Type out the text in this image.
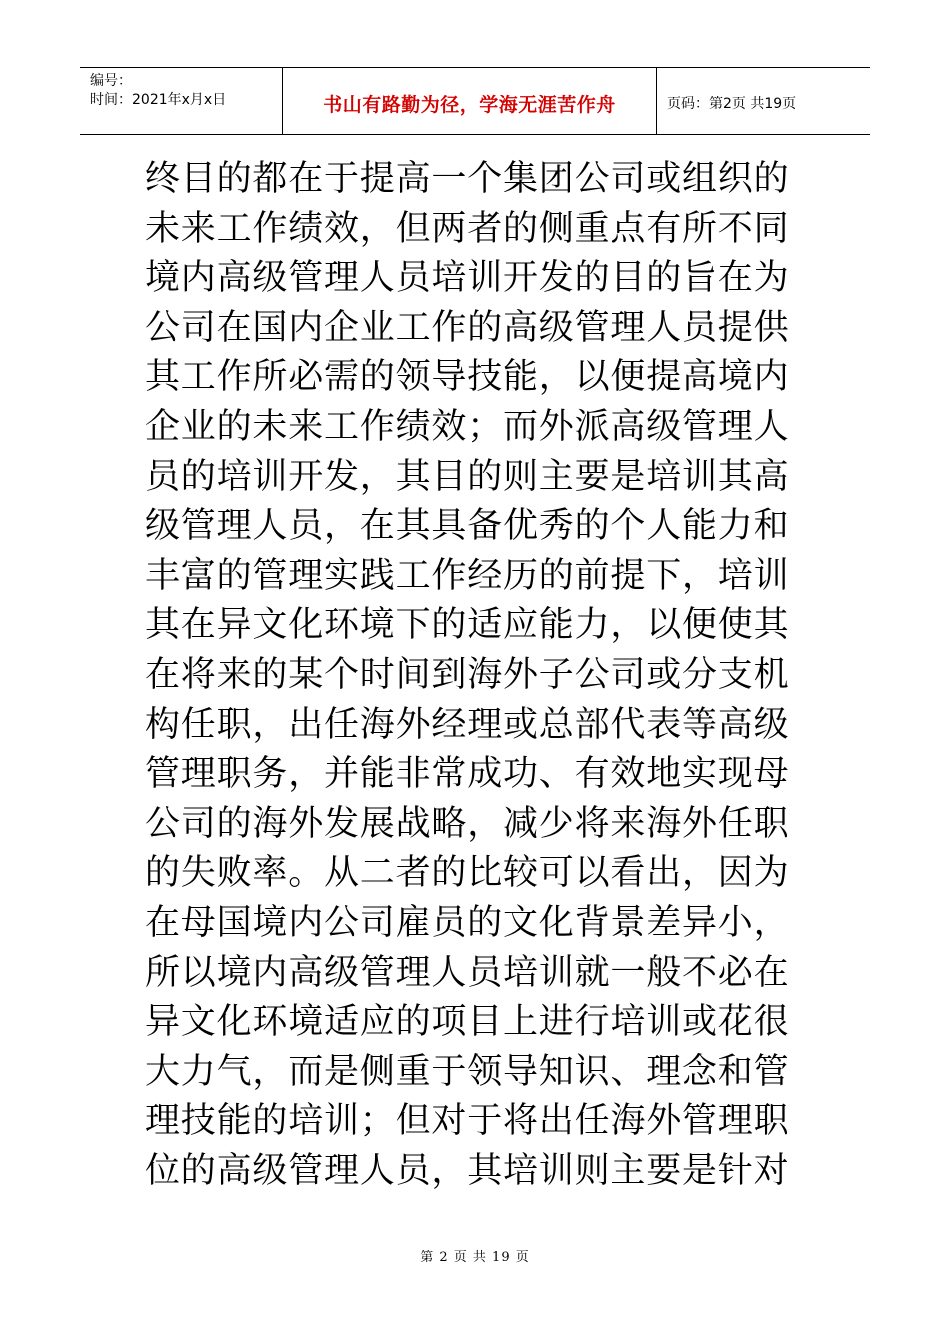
编号：
时间：2021年x月x日	书山有路勤为径，学海无涯苦作舟	页码：第2页 共19页
终目的都在于提高一个集团公司或组织的
未来工作绩效，但两者的侧重点有所不同
境内高级管理人员培训开发的目的旨在为
公司在国内企业工作的高级管理人员提供
其工作所必需的领导技能，以便提高境内
企业的未来工作绩效；而外派高级管理人
员的培训开发，其目的则主要是培训其高
级管理人员，在其具备优秀的个人能力和
丰富的管理实践工作经历的前提下，培训
其在异文化环境下的适应能力，以便使其
在将来的某个时间到海外子公司或分支机
构任职，出任海外经理或总部代表等高级
管理职务，并能非常成功、有效地实现母
公司的海外发展战略，减少将来海外任职
的失败率。从二者的比较可以看出，因为
在母国境内公司雇员的文化背景差异小，
所以境内高级管理人员培训就一般不必在
异文化环境适应的项目上进行培训或花很
大力气，而是侧重于领导知识、理念和管
理技能的培训；但对于将出任海外管理职
位的高级管理人员，其培训则主要是针对
第 2 页 共 19 页
